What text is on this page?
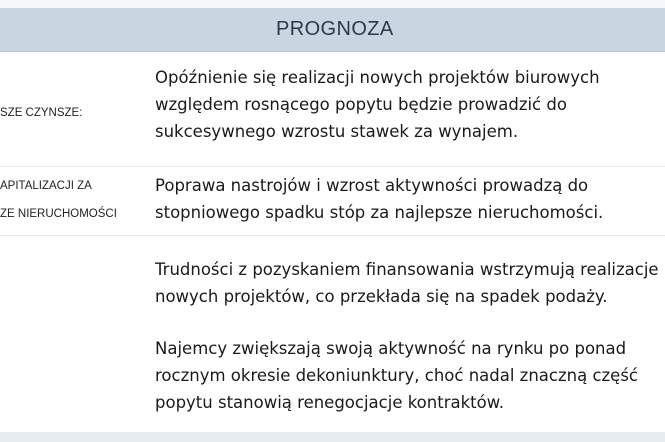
PROGNOZA
SZE CZYNSZE:
APITALIZACJI ZA
ZE NIERUCHOMOŚCI
Opóźnienie się realizacji nowych projektów biurowych
względem rosnącego popytu będzie prowadzić do
sukcesywnego wzrostu stawek za wynajem.
Poprawa nastrojów i wzrost aktywności prowadzą do
stopniowego spadku stóp za najlepsze nieruchomości.
Trudności z pozyskaniem finansowania wstrzymują realizacje
nowych projektów, co przekłada się na spadek podaży.
Najemcy zwiększają swoją aktywność na rynku po ponad
rocznym okresie dekoniunktury, choć nadal znaczną część
popytu stanowią renegocjacje kontraktów.
